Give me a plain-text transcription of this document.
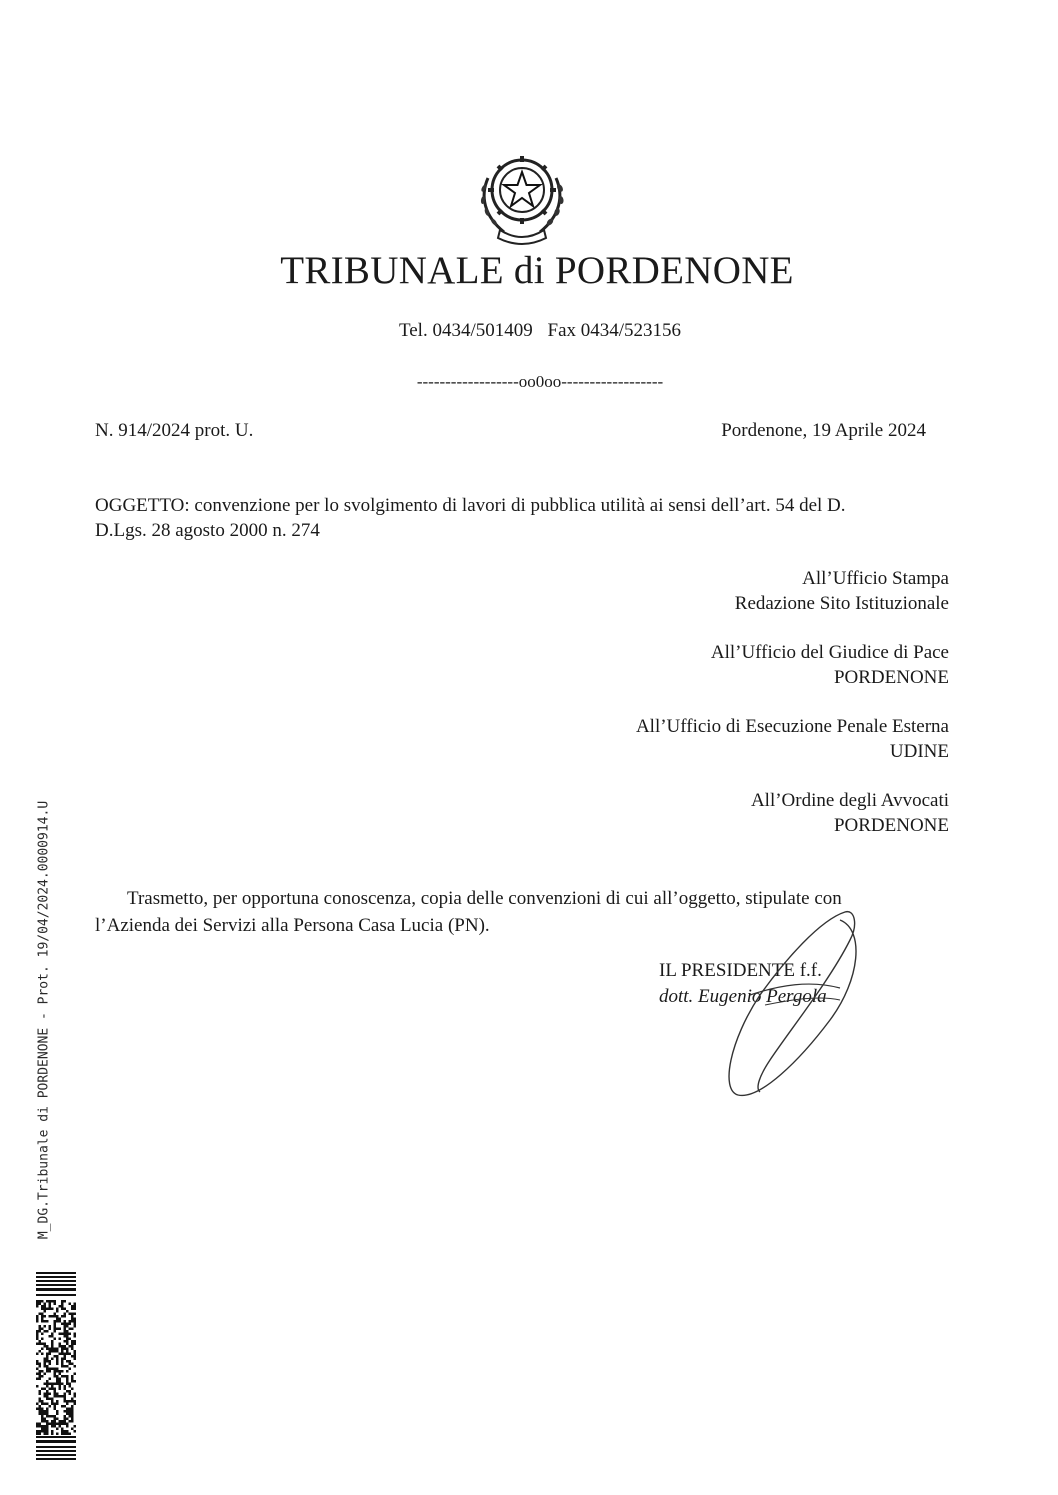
TRIBUNALE di PORDENONE
Tel. 0434/501409 Fax 0434/523156
------------------oo0oo------------------
N. 914/2024 prot. U.	Pordenone, 19 Aprile 2024
OGGETTO: convenzione per lo svolgimento di lavori di pubblica utilità ai sensi dell’art. 54 del D.
D.Lgs. 28 agosto 2000 n. 274
All’Ufficio Stampa
Redazione Sito Istituzionale
All’Ufficio del Giudice di Pace
PORDENONE
All’Ufficio di Esecuzione Penale Esterna
UDINE
All’Ordine degli Avvocati
PORDENONE
Trasmetto, per opportuna conoscenza, copia delle convenzioni di cui all’oggetto, stipulate con
l’Azienda dei Servizi alla Persona Casa Lucia (PN).
IL PRESIDENTE f.f.
dott. Eugenio Pergola
M_DG.Tribunale di PORDENONE - Prot. 19/04/2024.0000914.U
